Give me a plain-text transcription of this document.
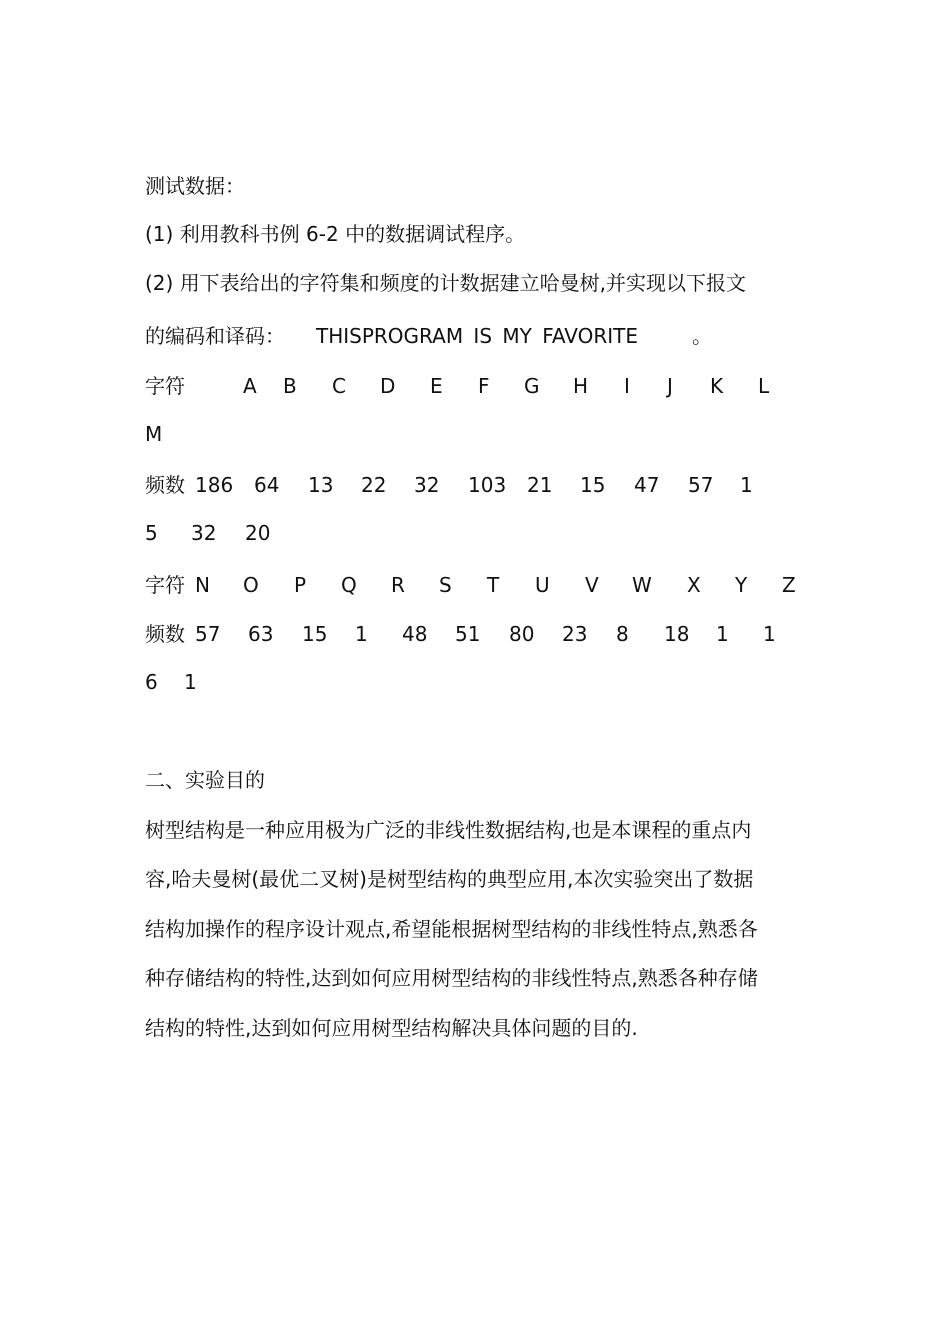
测试数据：
(1) 利用教科书例 6-2 中的数据调试程序。
(2) 用下表给出的字符集和频度的计数据建立哈曼树,并实现以下报文
的编码和译码： THISPROGRAM IS MY FAVORITE	。
字符	A B C D E F G H I J K L
M
频数 186 64 13 22 32 103 21 15 47 57 1
5 32 20
字符 N O P Q R S T U V W X Y Z
频数 57 63 15 1 48 51 80 23 8 18 1 1
6 1
二、实验目的
树型结构是一种应用极为广泛的非线性数据结构,也是本课程的重点内
容,哈夫曼树(最优二叉树)是树型结构的典型应用,本次实验突出了数据
结构加操作的程序设计观点,希望能根据树型结构的非线性特点,熟悉各
种存储结构的特性,达到如何应用树型结构的非线性特点,熟悉各种存储
结构的特性,达到如何应用树型结构解决具体问题的目的.
